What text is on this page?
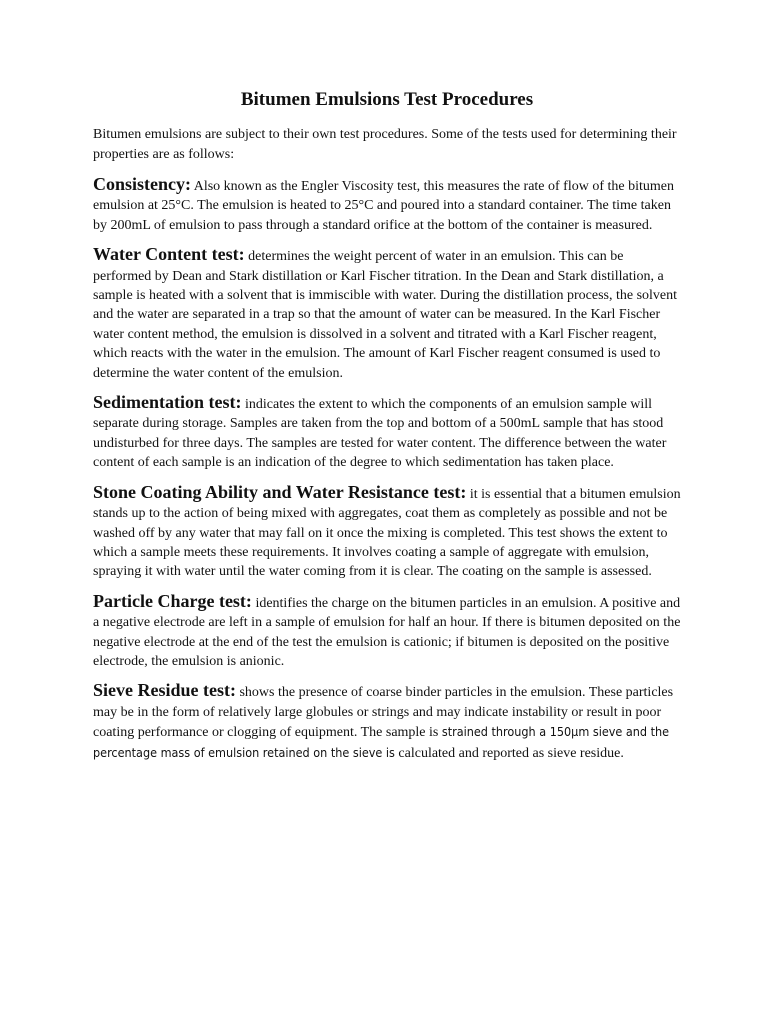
Bitumen Emulsions Test Procedures

Bitumen emulsions are subject to their own test procedures. Some of the tests used for determining their properties are as follows:

Consistency: Also known as the Engler Viscosity test, this measures the rate of flow of the bitumen emulsion at 25°C. The emulsion is heated to 25°C and poured into a standard container. The time taken by 200mL of emulsion to pass through a standard orifice at the bottom of the container is measured.

Water Content test: determines the weight percent of water in an emulsion. This can be performed by Dean and Stark distillation or Karl Fischer titration. In the Dean and Stark distillation, a sample is heated with a solvent that is immiscible with water. During the distillation process, the solvent and the water are separated in a trap so that the amount of water can be measured. In the Karl Fischer water content method, the emulsion is dissolved in a solvent and titrated with a Karl Fischer reagent, which reacts with the water in the emulsion. The amount of Karl Fischer reagent consumed is used to determine the water content of the emulsion.

Sedimentation test: indicates the extent to which the components of an emulsion sample will separate during storage. Samples are taken from the top and bottom of a 500mL sample that has stood undisturbed for three days. The samples are tested for water content. The difference between the water content of each sample is an indication of the degree to which sedimentation has taken place.

Stone Coating Ability and Water Resistance test: it is essential that a bitumen emulsion stands up to the action of being mixed with aggregates, coat them as completely as possible and not be washed off by any water that may fall on it once the mixing is completed. This test shows the extent to which a sample meets these requirements. It involves coating a sample of aggregate with emulsion, spraying it with water until the water coming from it is clear. The coating on the sample is assessed.

Particle Charge test: identifies the charge on the bitumen particles in an emulsion. A positive and a negative electrode are left in a sample of emulsion for half an hour. If there is bitumen deposited on the negative electrode at the end of the test the emulsion is cationic; if bitumen is deposited on the positive electrode, the emulsion is anionic.

Sieve Residue test: shows the presence of coarse binder particles in the emulsion. These particles may be in the form of relatively large globules or strings and may indicate instability or result in poor coating performance or clogging of equipment. The sample is strained through a 150μm sieve and the percentage mass of emulsion retained on the sieve is calculated and reported as sieve residue.
